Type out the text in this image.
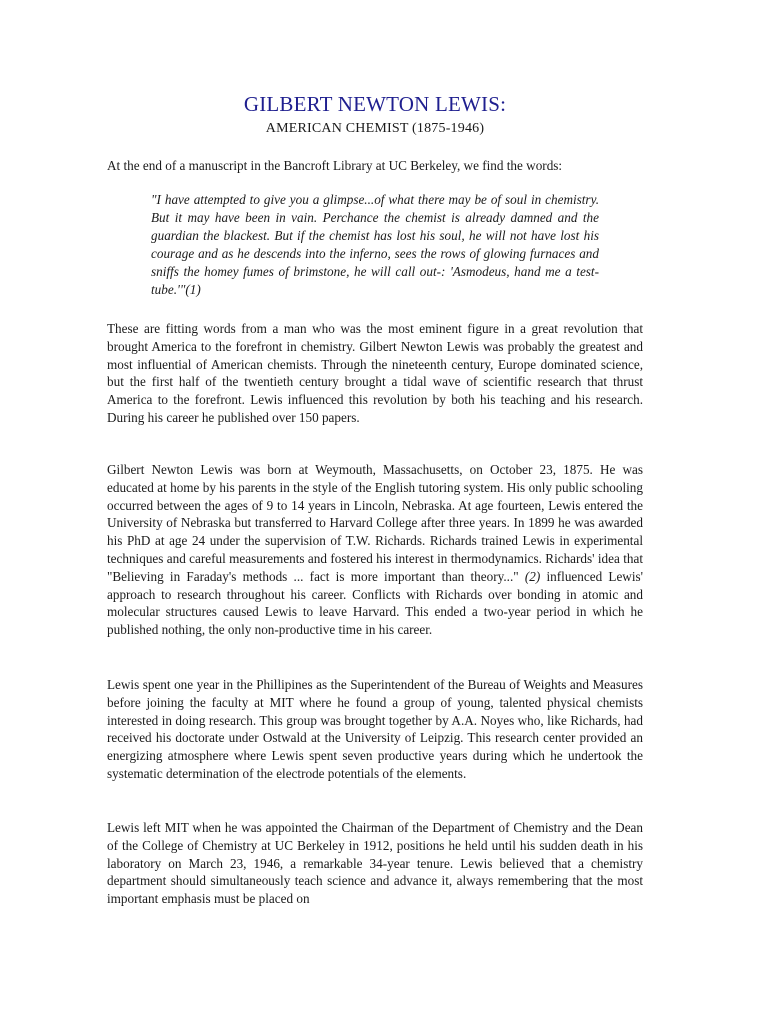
GILBERT NEWTON LEWIS:
AMERICAN CHEMIST (1875-1946)

At the end of a manuscript in the Bancroft Library at UC Berkeley, we find the words:

"I have attempted to give you a glimpse...of what there may be of soul in chemistry. But it may have been in vain. Perchance the chemist is already damned and the guardian the blackest. But if the chemist has lost his soul, he will not have lost his courage and as he descends into the inferno, sees the rows of glowing furnaces and sniffs the homey fumes of brimstone, he will call out-: 'Asmodeus, hand me a test-tube.'"(1)

These are fitting words from a man who was the most eminent figure in a great revolution that brought America to the forefront in chemistry. Gilbert Newton Lewis was probably the greatest and most influential of American chemists. Through the nineteenth century, Europe dominated science, but the first half of the twentieth century brought a tidal wave of scientific research that thrust America to the forefront. Lewis influenced this revolution by both his teaching and his research. During his career he published over 150 papers.

Gilbert Newton Lewis was born at Weymouth, Massachusetts, on October 23, 1875. He was educated at home by his parents in the style of the English tutoring system. His only public schooling occurred between the ages of 9 to 14 years in Lincoln, Nebraska. At age fourteen, Lewis entered the University of Nebraska but transferred to Harvard College after three years. In 1899 he was awarded his PhD at age 24 under the supervision of T.W. Richards. Richards trained Lewis in experimental techniques and careful measurements and fostered his interest in thermodynamics. Richards' idea that "Believing in Faraday's methods ... fact is more important than theory..." (2) influenced Lewis' approach to research throughout his career. Conflicts with Richards over bonding in atomic and molecular structures caused Lewis to leave Harvard. This ended a two-year period in which he published nothing, the only non-productive time in his career.

Lewis spent one year in the Phillipines as the Superintendent of the Bureau of Weights and Measures before joining the faculty at MIT where he found a group of young, talented physical chemists interested in doing research. This group was brought together by A.A. Noyes who, like Richards, had received his doctorate under Ostwald at the University of Leipzig. This research center provided an energizing atmosphere where Lewis spent seven productive years during which he undertook the systematic determination of the electrode potentials of the elements.

Lewis left MIT when he was appointed the Chairman of the Department of Chemistry and the Dean of the College of Chemistry at UC Berkeley in 1912, positions he held until his sudden death in his laboratory on March 23, 1946, a remarkable 34-year tenure. Lewis believed that a chemistry department should simultaneously teach science and advance it, always remembering that the most important emphasis must be placed on
